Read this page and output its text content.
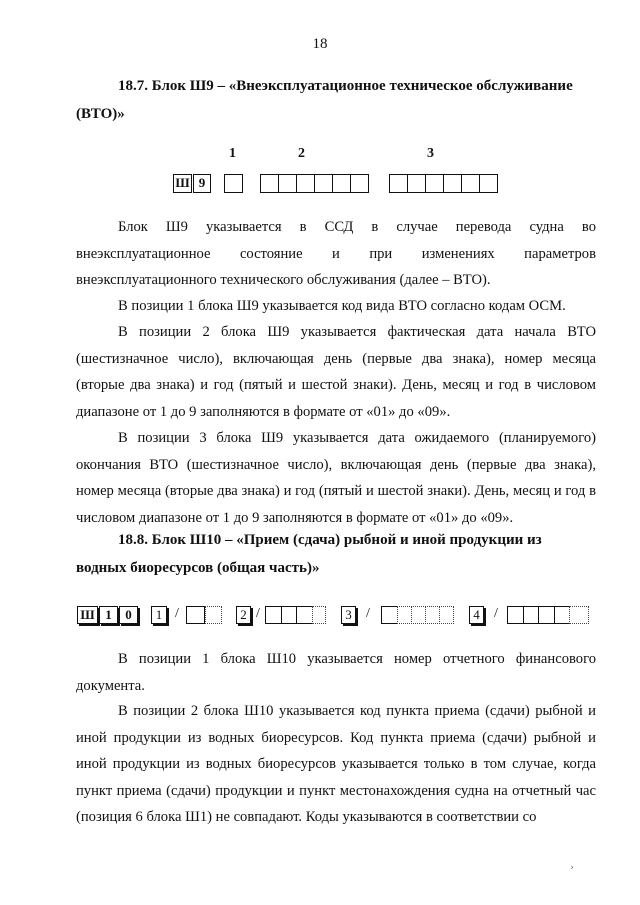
18
18.7. Блок Ш9 – «Внеэксплуатационное техническое обслуживание
(ВТО)»
1	2	3
Ш 9
Блок Ш9 указывается в ССД в случае перевода судна во внеэксплуатационное состояние и при изменениях параметров внеэксплуатационного технического обслуживания (далее – ВТО).
В позиции 1 блока Ш9 указывается код вида ВТО согласно кодам ОСМ.
В позиции 2 блока Ш9 указывается фактическая дата начала ВТО (шестизначное число), включающая день (первые два знака), номер месяца (вторые два знака) и год (пятый и шестой знаки). День, месяц и год в числовом диапазоне от 1 до 9 заполняются в формате от «01» до «09».
В позиции 3 блока Ш9 указывается дата ожидаемого (планируемого) окончания ВТО (шестизначное число), включающая день (первые два знака), номер месяца (вторые два знака) и год (пятый и шестой знаки). День, месяц и год в числовом диапазоне от 1 до 9 заполняются в формате от «01» до «09».
18.8. Блок Ш10 – «Прием (сдача) рыбной и иной продукции из
водных биоресурсов (общая часть)»
Ш 1	0	1 /	2 /	3	/	4	/
В позиции 1 блока Ш10 указывается номер отчетного финансового документа.
В позиции 2 блока Ш10 указывается код пункта приема (сдачи) рыбной и иной продукции из водных биоресурсов. Код пункта приема (сдачи) рыбной и иной продукции из водных биоресурсов указывается только в том случае, когда пункт приема (сдачи) продукции и пункт местонахождения судна на отчетный час (позиция 6 блока Ш1) не совпадают. Коды указываются в соответствии со
¸
